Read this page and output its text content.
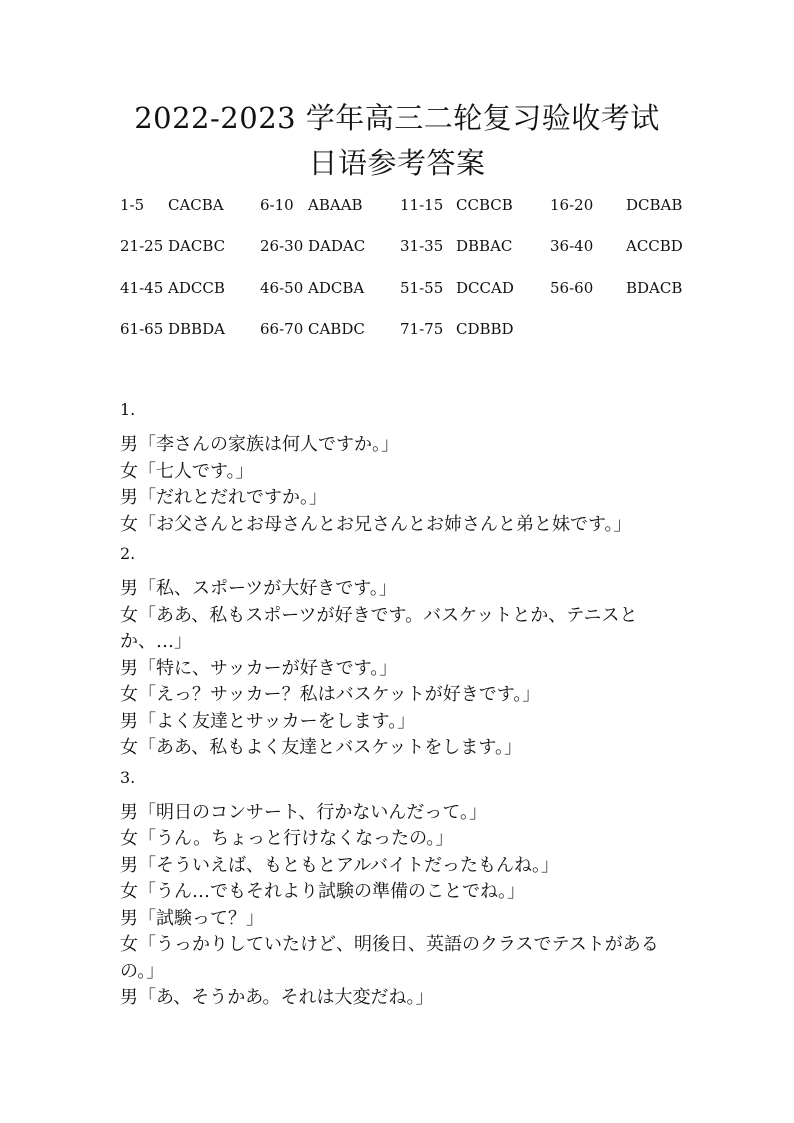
2022-2023 学年高三二轮复习验收考试
日语参考答案
1-5	CACBA 6-10 ABAAB 11-15 CCBCB 16-20	DCBAB
21-25 DACBC 26-30 DADAC 31-35 DBBAC	36-40	ACCBD
41-45 ADCCB 46-50 ADCBA 51-55 DCCAD 56-60	BDACB
61-65 DBBDA 66-70 CABDC 71-75 CDBBD
1.
男「李さんの家族は何人ですか。」
女「七人です。」
男「だれとだれですか。」
女「お父さんとお母さんとお兄さんとお姉さんと弟と妹です。」
2.
男「私、スポーツが大好きです。」
女「ああ、私もスポーツが好きです。バスケットとか、テニスとか、…」
男「特に、サッカーが好きです。」
女「えっ？サッカー？私はバスケットが好きです。」
男「よく友達とサッカーをします。」
女「ああ、私もよく友達とバスケットをします。」
3.
男「明日のコンサート、行かないんだって。」
女「うん。ちょっと行けなくなったの。」
男「そういえば、もともとアルバイトだったもんね。」
女「うん…でもそれより試験の準備のことでね。」
男「試験って？」
女「うっかりしていたけど、明後日、英語のクラスでテストがあるの。」
男「あ、そうかあ。それは大変だね。」
